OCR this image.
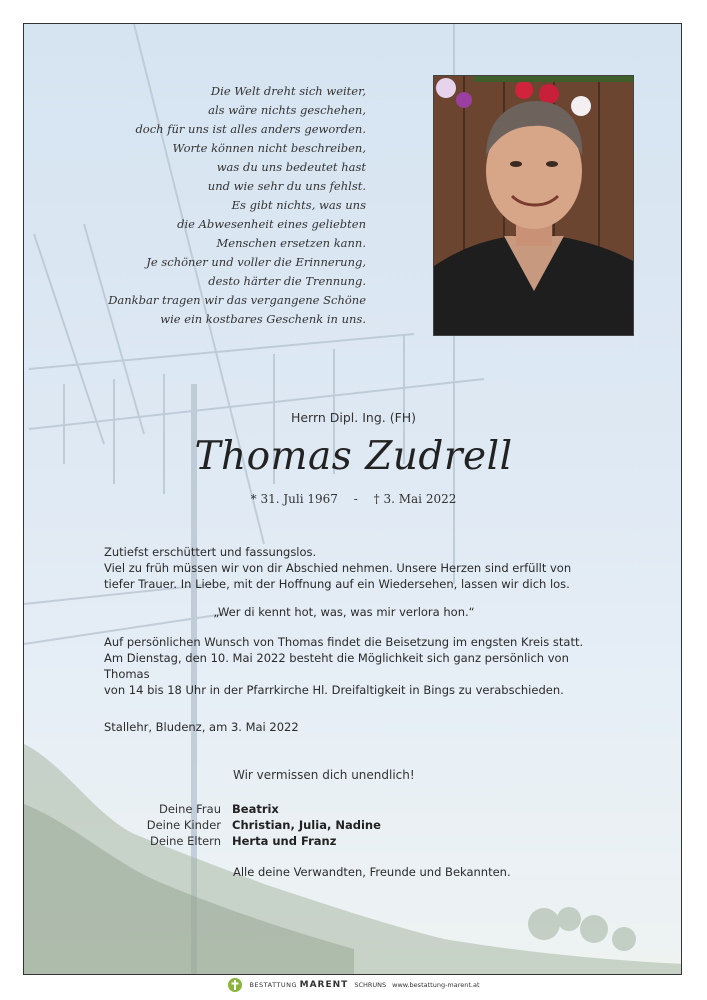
Die Welt dreht sich weiter,
als wäre nichts geschehen,
doch für uns ist alles anders geworden.
Worte können nicht beschreiben,
was du uns bedeutet hast
und wie sehr du uns fehlst.
Es gibt nichts, was uns
die Abwesenheit eines geliebten
Menschen ersetzen kann.
Je schöner und voller die Erinnerung,
desto härter die Trennung.
Dankbar tragen wir das vergangene Schöne
wie ein kostbares Geschenk in uns.
Herrn Dipl. Ing. (FH)
Thomas Zudrell
* 31. Juli 1967 - † 3. Mai 2022

Zutiefst erschüttert und fassungslos.

Viel zu früh müssen wir von dir Abschied nehmen. Unsere Herzen sind erfüllt von

tiefer Trauer. In Liebe, mit der Hoffnung auf ein Wiedersehen, lassen wir dich los.

„Wer di kennt hot, was, was mir verlora hon.“

Auf persönlichen Wunsch von Thomas findet die Beisetzung im engsten Kreis statt.

Am Dienstag, den 10. Mai 2022 besteht die Möglichkeit sich ganz persönlich von Thomas

von 14 bis 18 Uhr in der Pfarrkirche Hl. Dreifaltigkeit in Bings zu verabschieden.

Stallehr, Bludenz, am 3. Mai 2022
Wir vermissen dich unendlich!
Deine Frau Beatrix
Deine Kinder Christian, Julia, Nadine
Deine Eltern Herta und Franz
Alle deine Verwandten, Freunde und Bekannten.
BESTATTUNG MARENT SCHRUNS www.bestattung-marent.at
